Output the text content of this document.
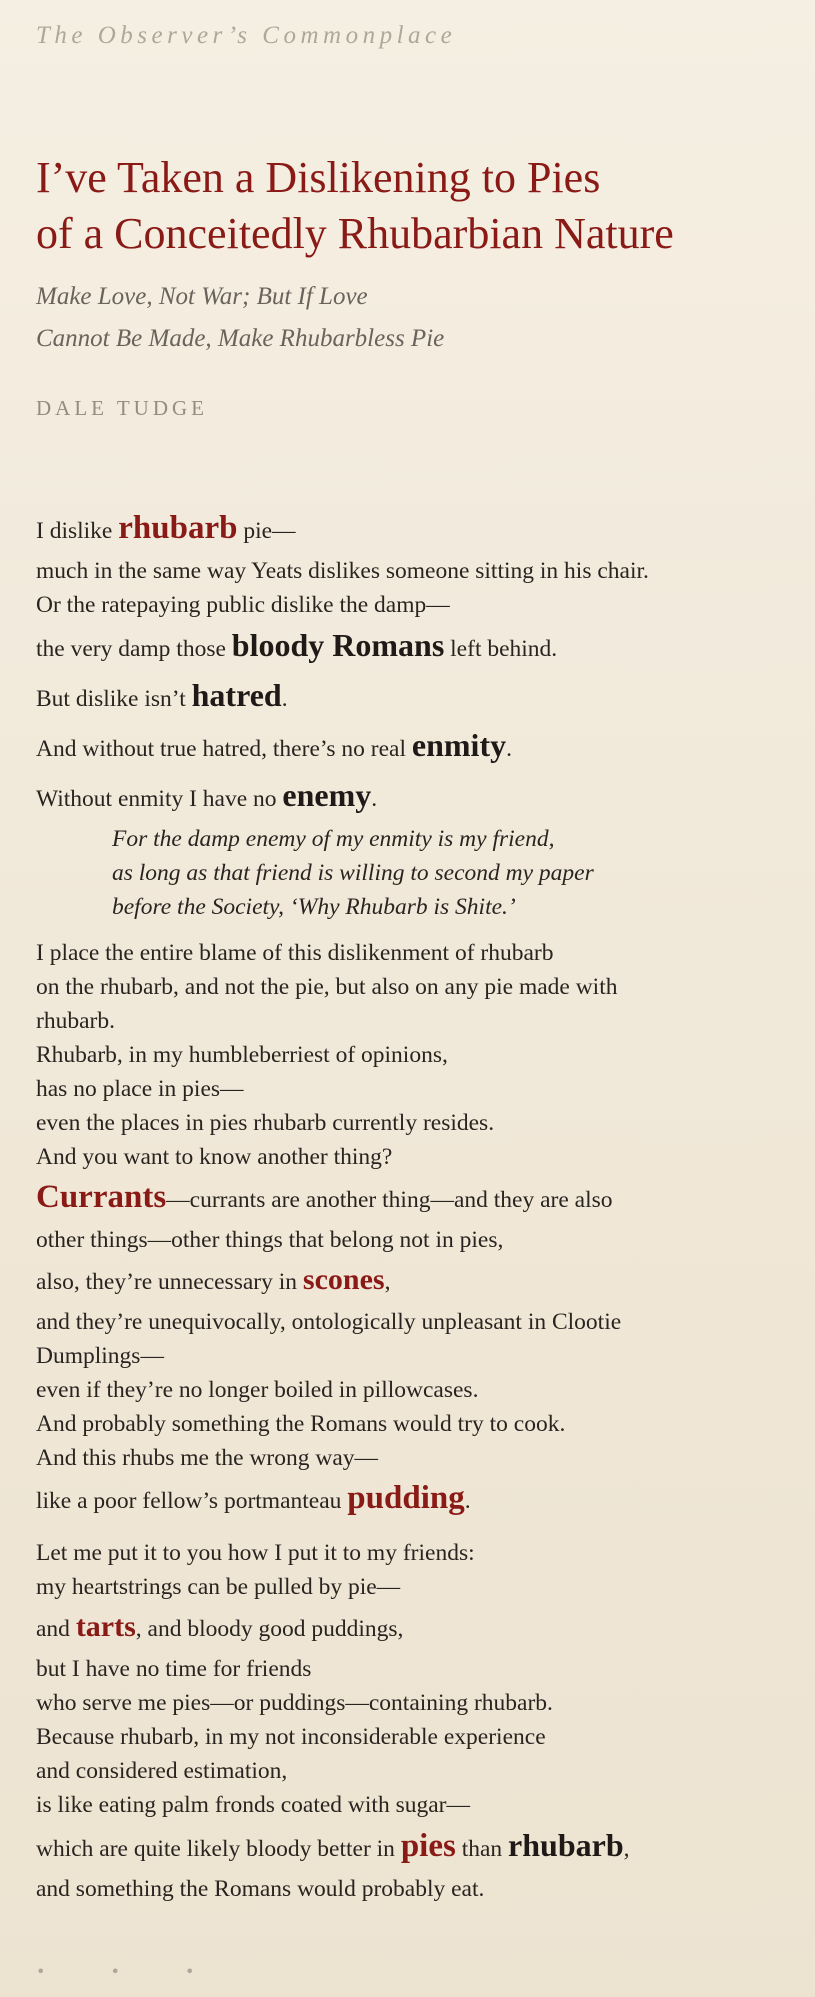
The Observer’s Commonplace
I’ve Taken a Dislikening to Pies
of a Conceitedly Rhubarbian Nature
Make Love, Not War; But If Love
Cannot Be Made, Make Rhubarbless Pie
DALE TUDGE
I dislike rhubarb pie—
much in the same way Yeats dislikes someone sitting in his chair.
Or the ratepaying public dislike the damp—
the very damp those bloody Romans left behind.
But dislike isn’t hatred.
And without true hatred, there’s no real enmity.
Without enmity I have no enemy.
For the damp enemy of my enmity is my friend,
as long as that friend is willing to second my paper
before the Society, ‘Why Rhubarb is Shite.’
I place the entire blame of this dislikenment of rhubarb
on the rhubarb, and not the pie, but also on any pie made with
rhubarb.
Rhubarb, in my humbleberriest of opinions,
has no place in pies—
even the places in pies rhubarb currently resides.
And you want to know another thing?
Currants—currants are another thing—and they are also
other things—other things that belong not in pies,
also, they’re unnecessary in scones,
and they’re unequivocally, ontologically unpleasant in Clootie
Dumplings—
even if they’re no longer boiled in pillowcases.
And probably something the Romans would try to cook.
And this rhubs me the wrong way—
like a poor fellow’s portmanteau pudding.
Let me put it to you how I put it to my friends:
my heartstrings can be pulled by pie—
and tarts, and bloody good puddings,
but I have no time for friends
who serve me pies—or puddings—containing rhubarb.
Because rhubarb, in my not inconsiderable experience
and considered estimation,
is like eating palm fronds coated with sugar—
which are quite likely bloody better in pies than rhubarb,
and something the Romans would probably eat.
• • •
